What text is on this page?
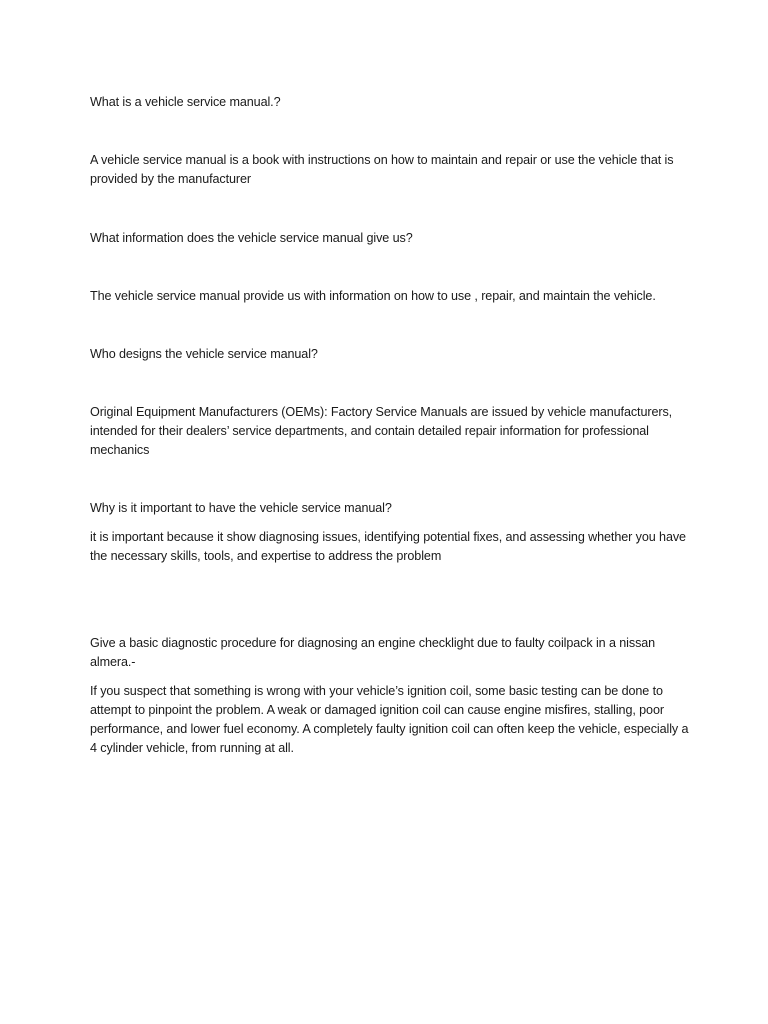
What is a vehicle service manual.?

A vehicle service manual is a book with instructions on how to maintain and repair or use the vehicle that is provided by the manufacturer

What information does the vehicle service manual give us?

The vehicle service manual provide us with information on how to use , repair, and maintain the vehicle.

Who designs the vehicle service manual?

Original Equipment Manufacturers (OEMs): Factory Service Manuals are issued by vehicle manufacturers, intended for their dealers’ service departments, and contain detailed repair information for professional mechanics

Why is it important to have the vehicle service manual?

it is important because it show diagnosing issues, identifying potential fixes, and assessing whether you have the necessary skills, tools, and expertise to address the problem

Give a basic diagnostic procedure for diagnosing an engine checklight due to faulty coilpack in a nissan almera.-

If you suspect that something is wrong with your vehicle’s ignition coil, some basic testing can be done to attempt to pinpoint the problem. A weak or damaged ignition coil can cause engine misfires, stalling, poor performance, and lower fuel economy. A completely faulty ignition coil can often keep the vehicle, especially a 4 cylinder vehicle, from running at all.
